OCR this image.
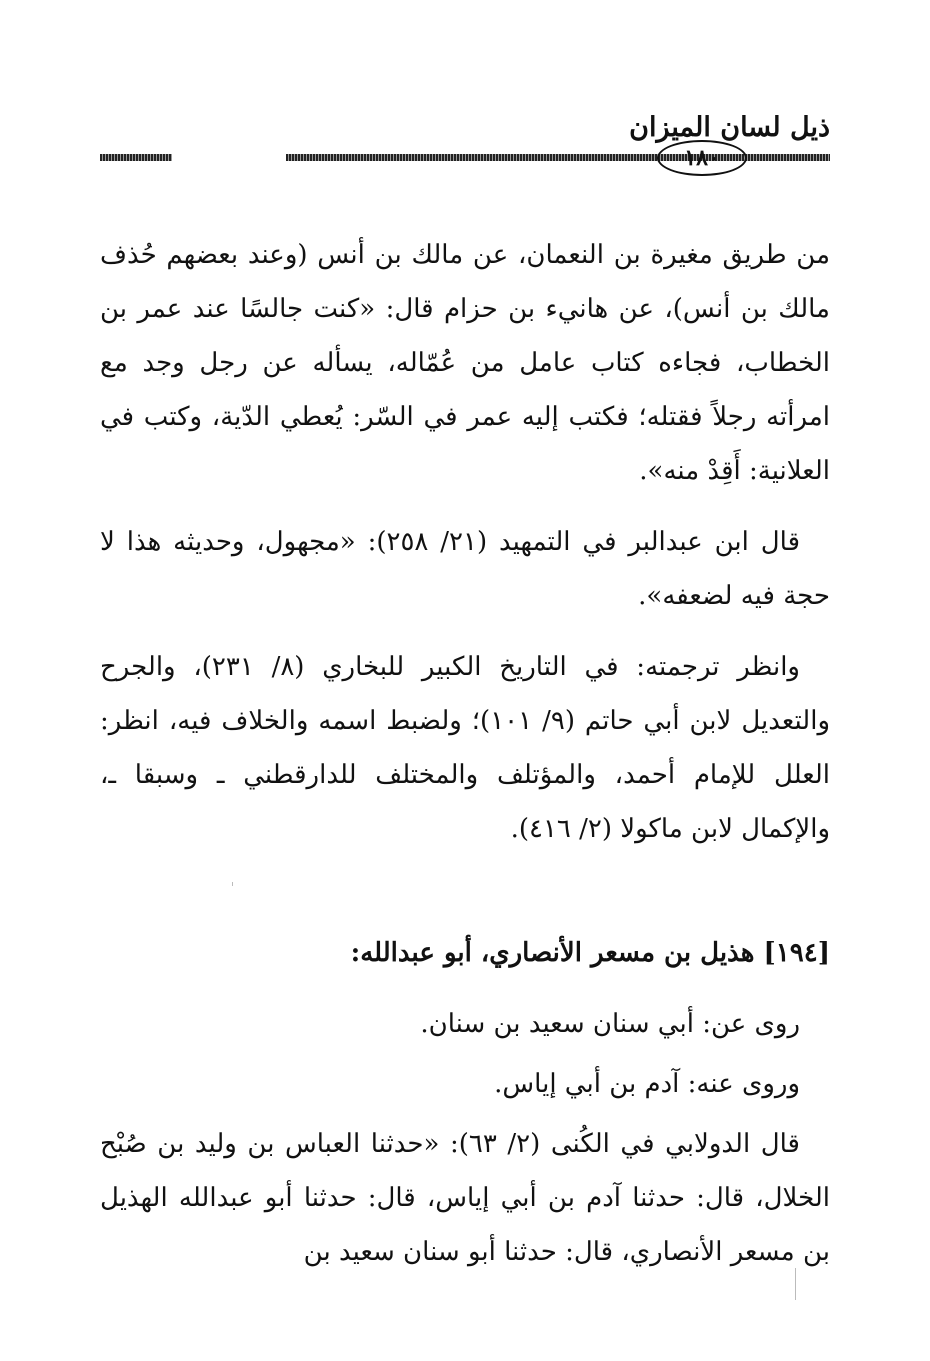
ذيل لسان الميزان
١٨٠

من طريق مغيرة بن النعمان، عن مالك بن أنس (وعند بعضهم حُذف مالك بن أنس)، عن هانيء بن حزام قال: «كنت جالسًا عند عمر بن الخطاب، فجاءه كتاب عامل من عُمّاله، يسأله عن رجل وجد مع امرأته رجلاً فقتله؛ فكتب إليه عمر في السّر: يُعطي الدّية، وكتب في العلانية: أَقِدْ منه».

قال ابن عبدالبر في التمهيد (٢١/ ٢٥٨): «مجهول، وحديثه هذا لا حجة فيه لضعفه».

وانظر ترجمته: في التاريخ الكبير للبخاري (٨/ ٢٣١)، والجرح والتعديل لابن أبي حاتم (٩/ ١٠١)؛ ولضبط اسمه والخلاف فيه، انظر: العلل للإمام أحمد، والمؤتلف والمختلف للدارقطني ـ وسبقا ـ، والإكمال لابن ماكولا (٢/ ٤١٦).

[١٩٤] هذيل بن مسعر الأنصاري، أبو عبدالله:

روى عن: أبي سنان سعيد بن سنان.

وروى عنه: آدم بن أبي إياس.

قال الدولابي في الكُنى (٢/ ٦٣): «حدثنا العباس بن وليد بن صُبْح الخلال، قال: حدثنا آدم بن أبي إياس، قال: حدثنا أبو عبدالله الهذيل بن مسعر الأنصاري، قال: حدثنا أبو سنان سعيد بن
